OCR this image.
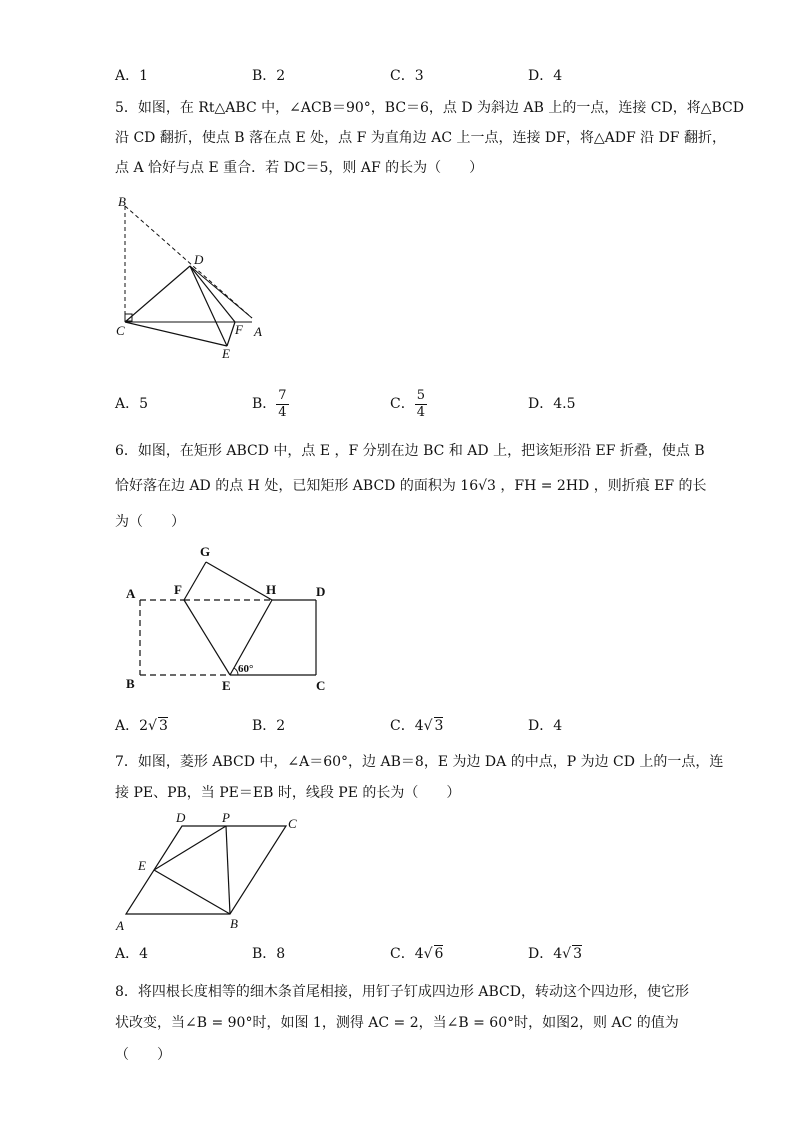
A．1	B．2	C．3	D．4
5．如图，在 Rt△ABC 中，∠ACB＝90°，BC＝6，点 D 为斜边 AB 上的一点，连接 CD，将△BCD
沿 CD 翻折，使点 B 落在点 E 处，点 F 为直角边 AC 上一点，连接 DF，将△ADF 沿 DF 翻折，
点 A 恰好与点 E 重合．若 DC＝5，则 AF 的长为（　　）
B
D
C	F A
E
A．5	B． $\frac{7}{4}$	C． $\frac{5}{4}$	D．4.5
6．如图，在矩形 ABCD 中，点 E ，F 分别在边 BC 和 AD 上，把该矩形沿 EF 折叠，使点 B
恰好落在边 AD 的点 H 处，已知矩形 ABCD 的面积为 16√3 ，FH = 2HD ，则折痕 EF 的长
为（　　）
G
A	F	H	D
B	E	C
60°
A．2√ 3	B．2	C．4√ 3	D．4
7．如图，菱形 ABCD 中，∠A＝60°，边 AB＝8，E 为边 DA 的中点，P 为边 CD 上的一点，连
接 PE、PB，当 PE＝EB 时，线段 PE 的长为（　　）
D	P	C
E
A	B
A．4	B．8	C．4√ 6	D．4√ 3
8．将四根长度相等的细木条首尾相接，用钉子钉成四边形 ABCD，转动这个四边形，使它形
状改变，当∠B = 90°时，如图 1，测得 AC = 2，当∠B = 60°时，如图2，则 AC 的值为
（　　）
